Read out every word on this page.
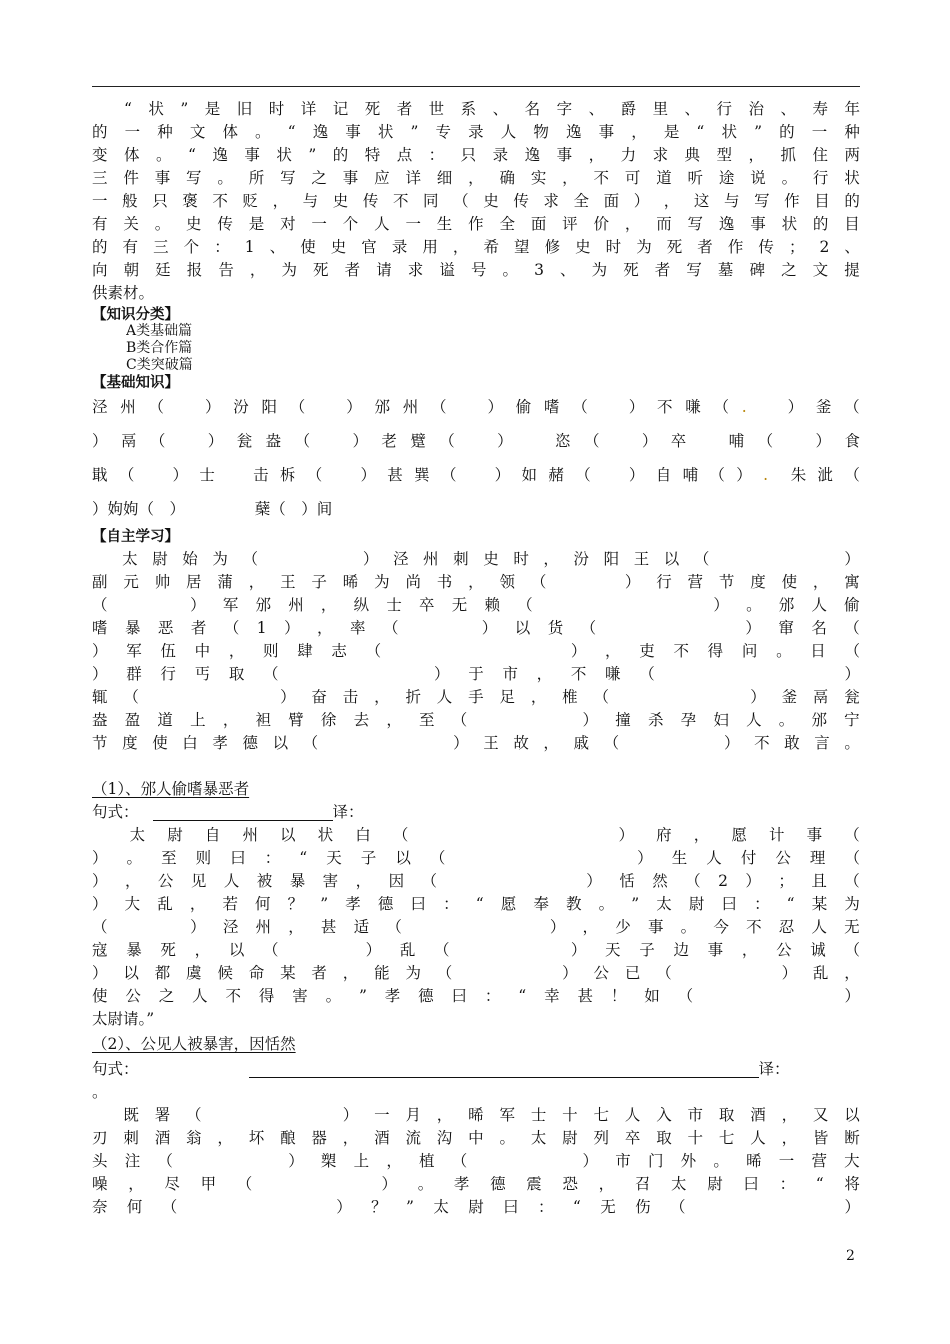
“ 状 ” 是 旧 时 详 记 死 者 世 系 、 名 字 、 爵 里 、 行 治 、 寿 年
的 一 种 文 体 。 “ 逸 事 状 ” 专 录 人 物 逸 事 ， 是 “ 状 ” 的 一 种
变 体 。 “ 逸 事 状 ” 的 特 点 ： 只 录 逸 事 ， 力 求 典 型 ， 抓 住 两
三 件 事 写 。 所 写 之 事 应 详 细 ， 确 实 ， 不 可 道 听 途 说 。 行 状
一 般 只 褒 不 贬 ， 与 史 传 不 同 （ 史 传 求 全 面 ） ， 这 与 写 作 目 的
有 关 。 史 传 是 对 一 个 人 一 生 作 全 面 评 价 ， 而 写 逸 事 状 的 目
的 有 三 个 ： 1 、 使 史 官 录 用 ， 希 望 修 史 时 为 死 者 作 传 ； 2 、
向 朝 廷 报 告 ， 为 死 者 请 求 谥 号 。 3 、 为 死 者 写 墓 碑 之 文 提
供素材。
【知识分类】
A类基础篇
B类合作篇
C类突破篇
【基础知识】
泾 州 （
　	） 汾 阳 （
　	） 邠 州 （
　	） 偷 嗜 （
　	） 不 嗛 （ .
　	） 釜 （
） 鬲 （
　	） 瓮 盎 （
　	） 老 躄 （
　	）
　	恣 （
　	） 卒
　	哺 （
　	） 食
戢 （
　 ） 士
　 击 柝 （
　 ） 甚 巽 （
　 ） 如 赭 （
　 ） 自 哺 （ ） . 朱 泚 （
）姁姁（　）　　　　　蘖（　）间
【自主学习】

太 尉 始 为 （

　	） 泾 州 刺 史 时 ， 汾 阳 王 以 （

　	）
副 元 帅 居 蒲 ， 王 子 晞 为 尚 书 ， 领 （

　	） 行 营 节 度 使 ， 寓
（

　	） 军 邠 州 ， 纵 士 卒 无 赖 （

　	） 。 邠 人 偷
嗜 暴 恶 者 （ 1 ） ， 率 （

　	） 以 货 （

　	） 窜 名 （
） 军 伍 中 ， 则 肆 志 （

　	） ， 吏 不 得 问 。 日 （
） 群 行 丐 取 （

　	） 于 市 ， 不 嗛 （

　	）
辄 （

　	） 奋 击 ， 折 人 手 足 ， 椎 （

　	） 釜 鬲 瓮
盎 盈 道 上 ， 袒 臂 徐 去 ， 至 （

　	） 撞 杀 孕 妇 人 。 邠 宁
节 度 使 白 孝 德 以 （

　	） 王 故 ， 戚 （

　	） 不 敢 言 。
（1）、邠人偷嗜暴恶者
句式：	译：

太 尉 自 州 以 状 白 （

　	） 府 ， 愿 计 事 （
） 。 至 则 曰 ： “ 天 子 以 （

　	） 生 人 付 公 理 （
） ， 公 见 人 被 暴 害 ， 因 （

　	） 恬 然 （ 2 ） ； 且 （
） 大 乱 ， 若 何 ？ ” 孝 德 曰 ： “ 愿 奉 教 。 ” 太 尉 曰 ： “ 某 为
（

　	） 泾 州 ， 甚 适 （

　	） ， 少 事 。 今 不 忍 人 无
寇 暴 死 ， 以 （

　	） 乱 （

　	） 天 子 边 事 ， 公 诚 （
） 以 都 虞 候 命 某 者 ， 能 为 （

　	） 公 已 （

　	） 乱 ，
使 公 之 人 不 得 害 。 ” 孝 德 曰 ： “ 幸 甚 ！ 如 （

　	）
太尉请。”
（2）、公见人被暴害，因恬然
句式：	译：
。

既 署 （

　	） 一 月 ， 晞 军 士 十 七 人 入 市 取 酒 ， 又 以
刃 刺 酒 翁 ， 坏 酿 器 ， 酒 流 沟 中 。 太 尉 列 卒 取 十 七 人 ， 皆 断
头 注 （

　	） 槊 上 ， 植 （

　	） 市 门 外 。 晞 一 营 大
噪 ， 尽 甲 （

　	） 。 孝 德 震 恐 ， 召 太 尉 曰 ： “ 将
奈 何 （

　	） ？ ” 太 尉 曰 ： “ 无 伤 （

　	）
2
